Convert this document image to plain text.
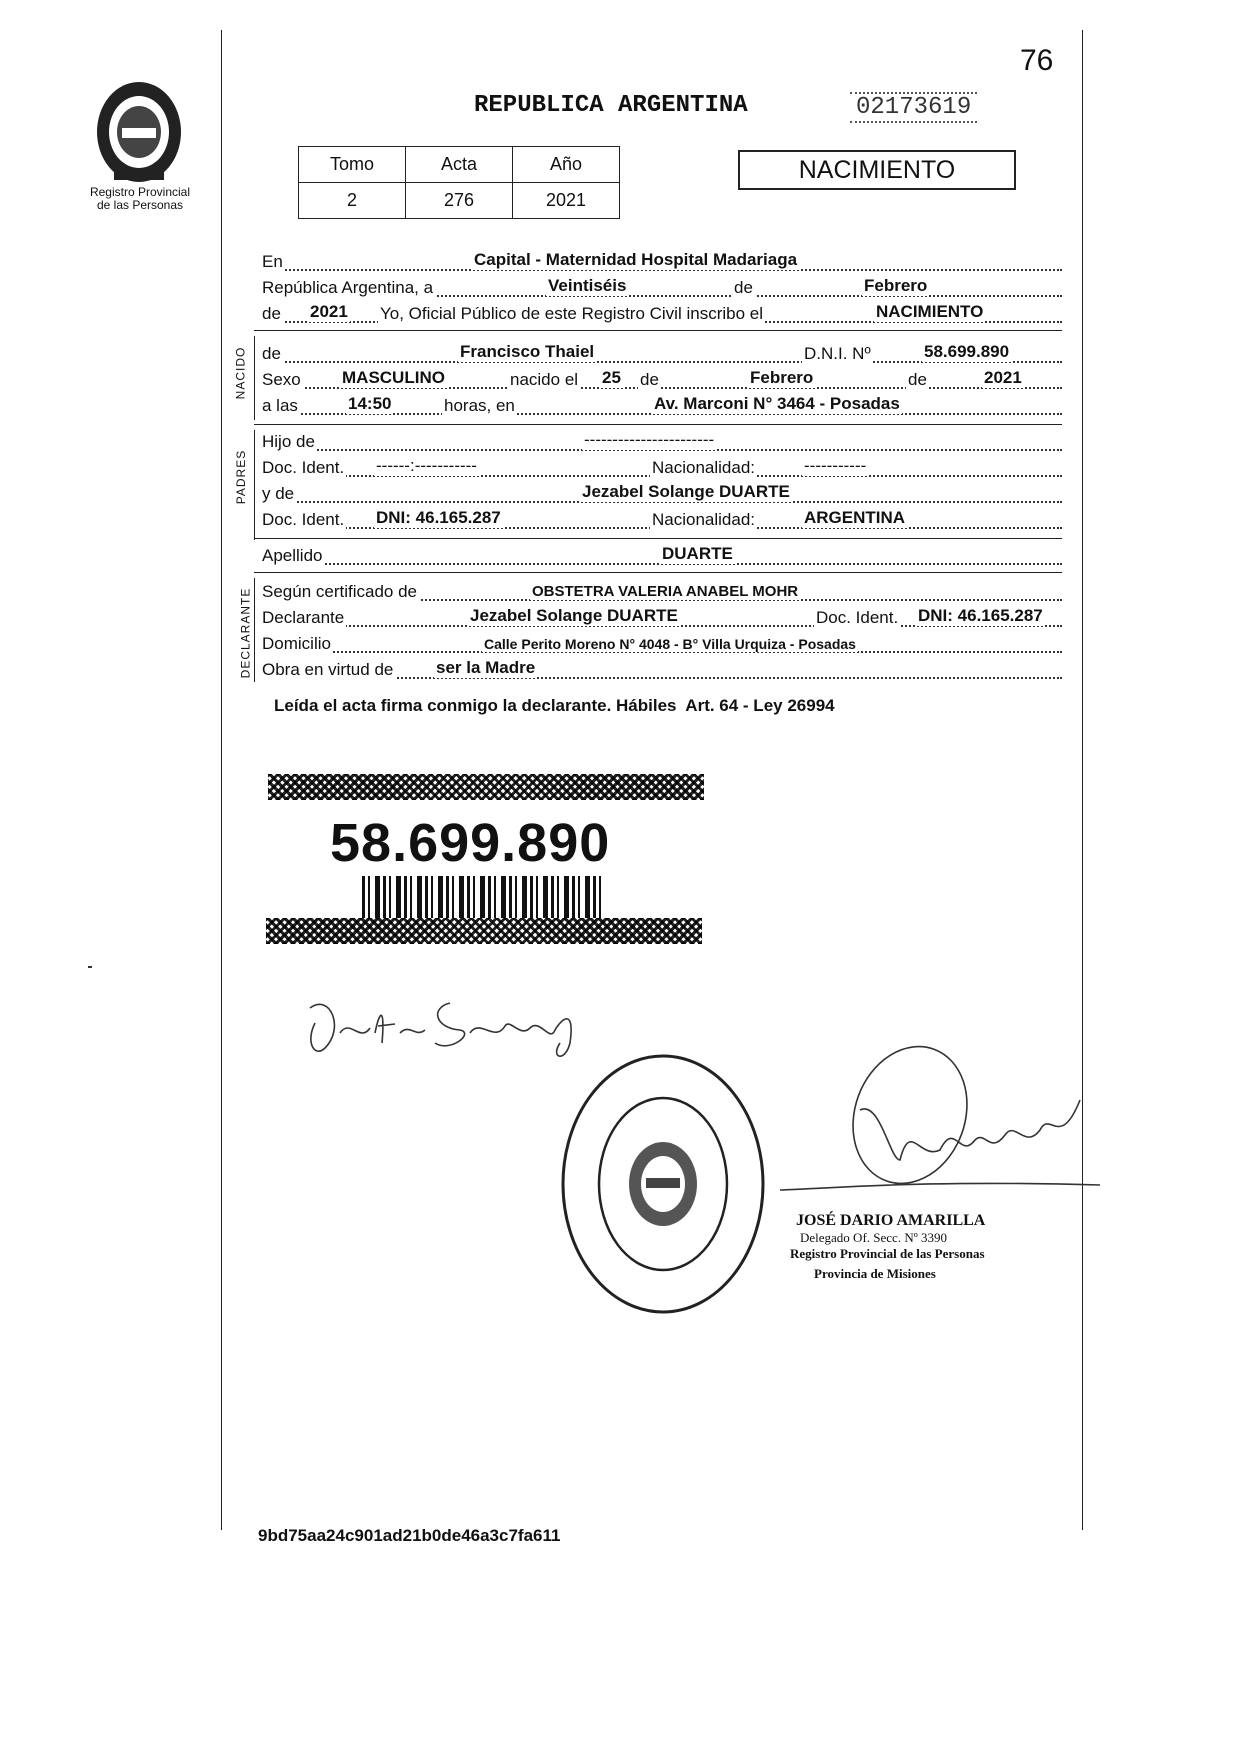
Registro Provincial
de las Personas
76
REPUBLICA ARGENTINA	02173619
Tomo	Acta	Año
2	276	2021
NACIMIENTO
En	Capital - Maternidad Hospital Madariaga
República Argentina, a	Veintiséis	de	Febrero
de 2021 Yo, Oficial Público de este Registro Civil inscribo el	NACIMIENTO
NACIDO de	Francisco Thaiel	D.N.I. Nº	58.699.890
Sexo MASCULINO	nacido el 25 de	Febrero	de	2021
a las	14:50	horas, en	Av. Marconi N° 3464 - Posadas
PADRES
Hijo de	-----------------------
Doc. Ident. ------:-----------	Nacionalidad:	-----------
y de	Jezabel Solange DUARTE
Doc. Ident. DNI: 46.165.287	Nacionalidad:	ARGENTINA
Apellido	DUARTE
DECLARANTE Según certificado de	OBSTETRA VALERIA ANABEL MOHR
Declarante	Jezabel Solange DUARTE	Doc. Ident. DNI: 46.165.287
Domicilio	Calle Perito Moreno N° 4048 - B° Villa Urquiza - Posadas
Obra en virtud de	ser la Madre
Leída el acta firma conmigo la declarante. Hábiles  Art. 64 - Ley 26994
58.699.890
JOSÉ DARIO AMARILLA
Delegado Of. Secc. Nº 3390
Registro Provincial de las Personas
Provincia de Misiones
9bd75aa24c901ad21b0de46a3c7fa611
